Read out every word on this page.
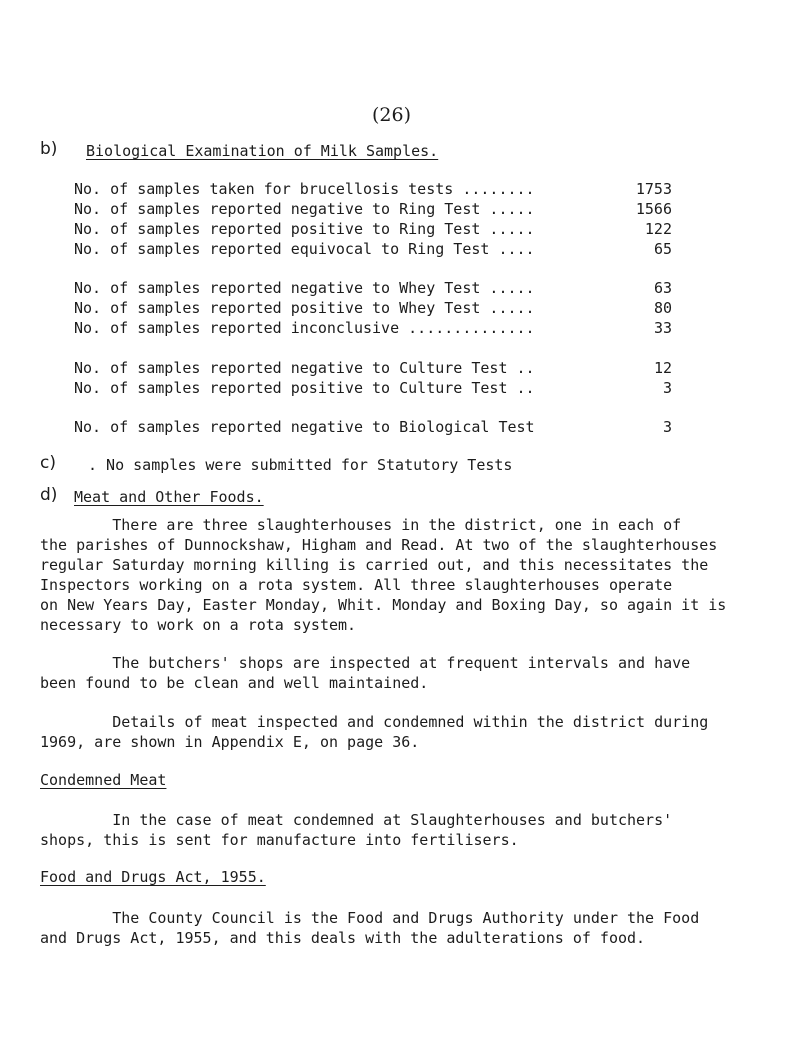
(26)
b) Biological Examination of Milk Samples.
No. of samples taken for brucellosis tests ........	1753
No. of samples reported negative to Ring Test .....	1566
No. of samples reported positive to Ring Test .....	122
No. of samples reported equivocal to Ring Test ....	65
No. of samples reported negative to Whey Test .....	63
No. of samples reported positive to Whey Test .....	80
No. of samples reported inconclusive ..............	33
No. of samples reported negative to Culture Test ..	12
No. of samples reported positive to Culture Test ..	3
No. of samples reported negative to Biological Test	3
c) . No samples were submitted for Statutory Tests
d) Meat and Other Foods.
There are three slaughterhouses in the district, one in each of
the parishes of Dunnockshaw, Higham and Read. At two of the slaughterhouses
regular Saturday morning killing is carried out, and this necessitates the
Inspectors working on a rota system. All three slaughterhouses operate
on New Years Day, Easter Monday, Whit. Monday and Boxing Day, so again it is
necessary to work on a rota system.
The butchers' shops are inspected at frequent intervals and have
been found to be clean and well maintained.
Details of meat inspected and condemned within the district during
1969, are shown in Appendix E, on page 36.
Condemned Meat
In the case of meat condemned at Slaughterhouses and butchers'
shops, this is sent for manufacture into fertilisers.
Food and Drugs Act, 1955.
The County Council is the Food and Drugs Authority under the Food
and Drugs Act, 1955, and this deals with the adulterations of food.
